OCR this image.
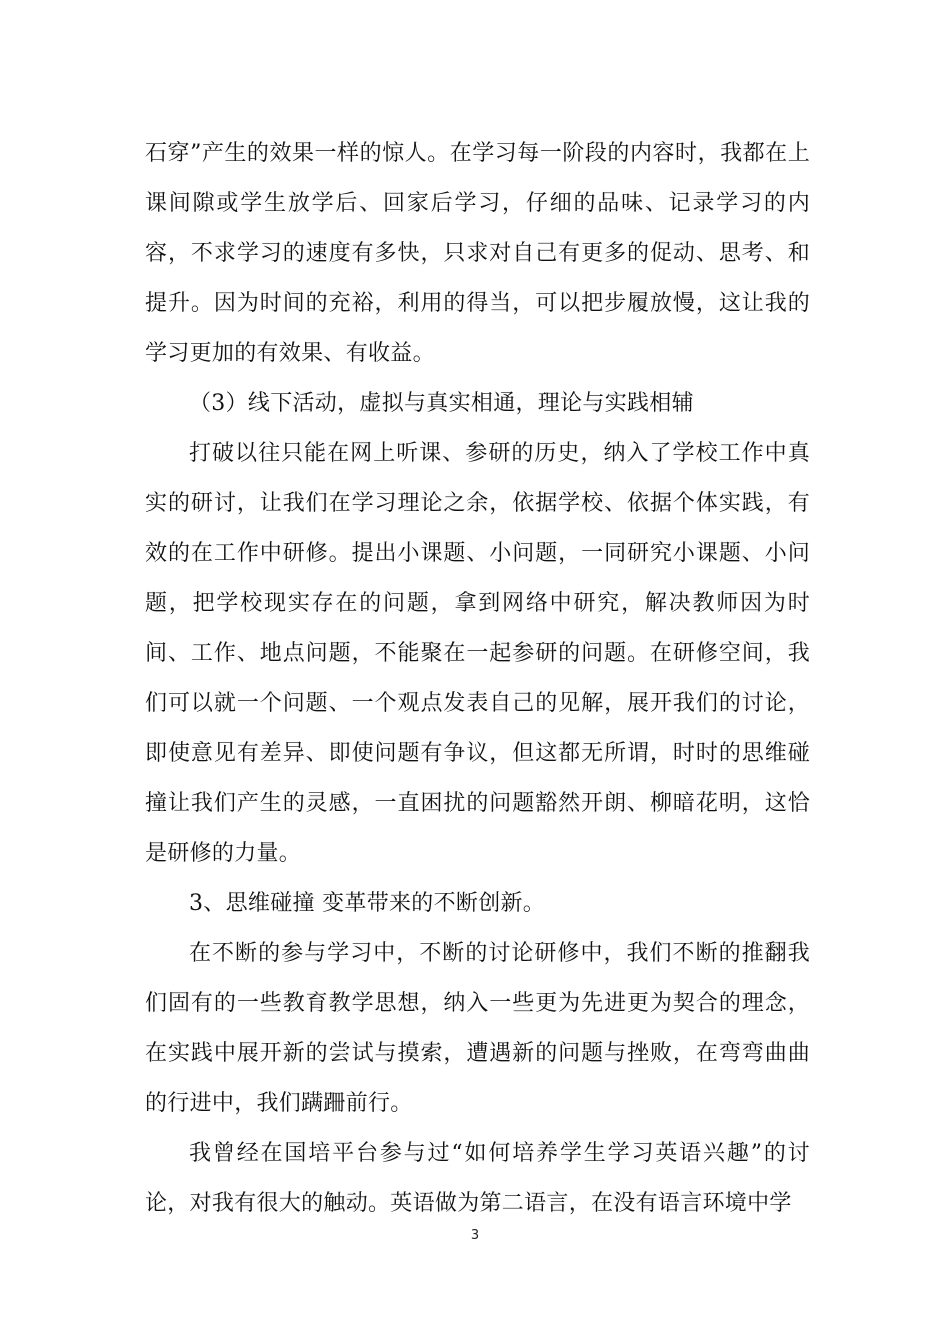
石穿”产生的效果一样的惊人。在学习每一阶段的内容时，我都在上课间隙或学生放学后、回家后学习，仔细的品味、记录学习的内容，不求学习的速度有多快，只求对自己有更多的促动、思考、和提升。因为时间的充裕，利用的得当，可以把步履放慢，这让我的学习更加的有效果、有收益。

（3）线下活动，虚拟与真实相通，理论与实践相辅

打破以往只能在网上听课、参研的历史，纳入了学校工作中真实的研讨，让我们在学习理论之余，依据学校、依据个体实践，有效的在工作中研修。提出小课题、小问题，一同研究小课题、小问题，把学校现实存在的问题，拿到网络中研究，解决教师因为时间、工作、地点问题，不能聚在一起参研的问题。在研修空间，我们可以就一个问题、一个观点发表自己的见解，展开我们的讨论，即使意见有差异、即使问题有争议，但这都无所谓，时时的思维碰撞让我们产生的灵感，一直困扰的问题豁然开朗、柳暗花明，这恰是研修的力量。

3、思维碰撞 变革带来的不断创新。

在不断的参与学习中，不断的讨论研修中，我们不断的推翻我们固有的一些教育教学思想，纳入一些更为先进更为契合的理念，在实践中展开新的尝试与摸索，遭遇新的问题与挫败，在弯弯曲曲的行进中，我们蹒跚前行。

我曾经在国培平台参与过“如何培养学生学习英语兴趣”的讨论，对我有很大的触动。英语做为第二语言，在没有语言环境中学

3
